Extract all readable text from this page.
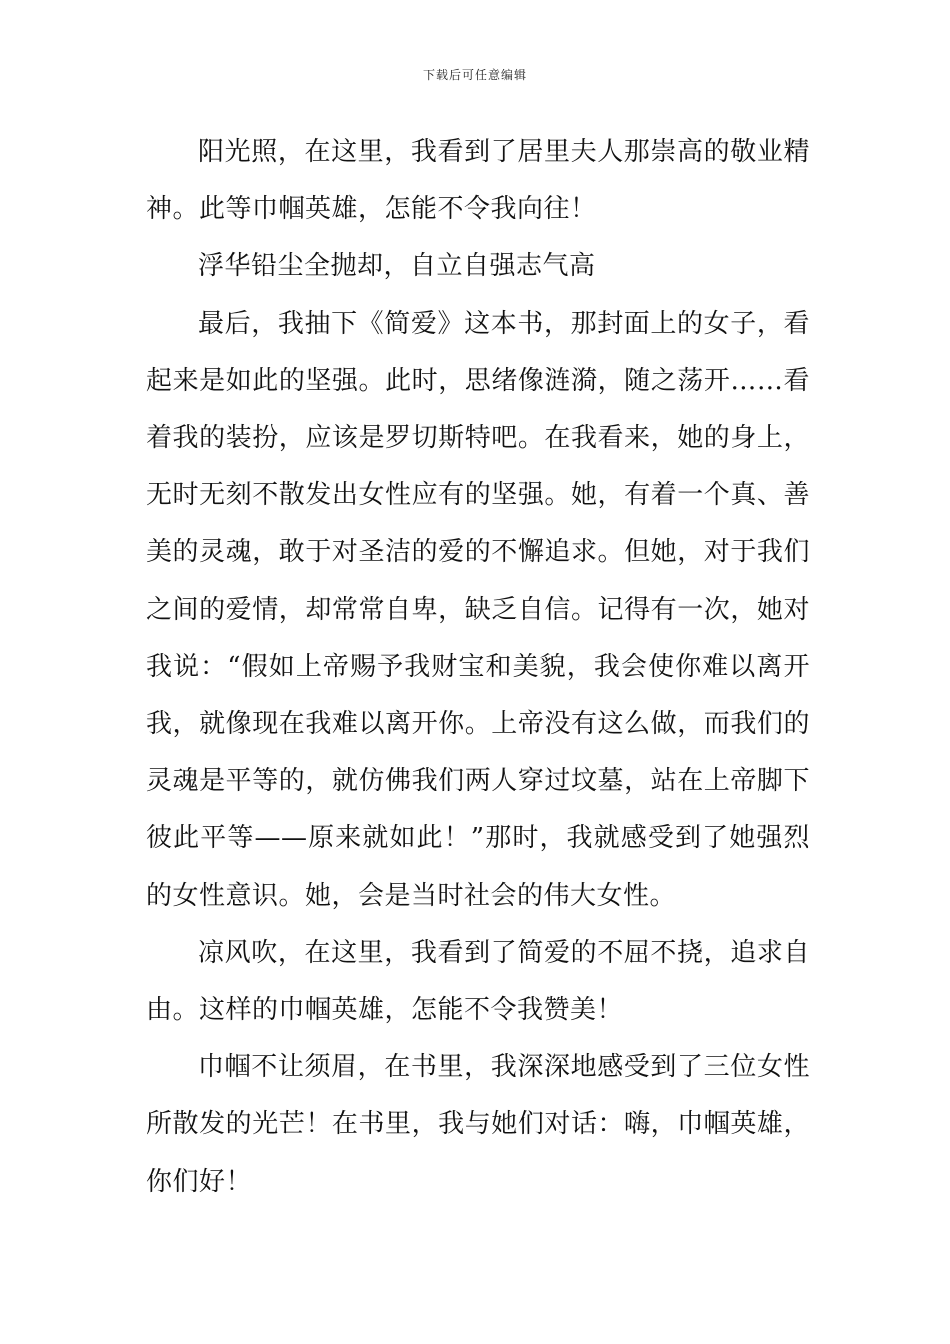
下载后可任意编辑

阳光照，在这里，我看到了居里夫人那崇高的敬业精神。此等巾帼英雄，怎能不令我向往！

浮华铅尘全抛却，自立自强志气高

最后，我抽下《简爱》这本书，那封面上的女子，看起来是如此的坚强。此时，思绪像涟漪，随之荡开……看着我的装扮，应该是罗切斯特吧。在我看来，她的身上，无时无刻不散发出女性应有的坚强。她，有着一个真、善美的灵魂，敢于对圣洁的爱的不懈追求。但她，对于我们之间的爱情，却常常自卑，缺乏自信。记得有一次，她对我说：“假如上帝赐予我财宝和美貌，我会使你难以离开我，就像现在我难以离开你。上帝没有这么做，而我们的灵魂是平等的，就仿佛我们两人穿过坟墓，站在上帝脚下彼此平等——原来就如此！”那时，我就感受到了她强烈的女性意识。她，会是当时社会的伟大女性。

凉风吹，在这里，我看到了简爱的不屈不挠，追求自由。这样的巾帼英雄，怎能不令我赞美！

巾帼不让须眉，在书里，我深深地感受到了三位女性所散发的光芒！在书里，我与她们对话：嗨，巾帼英雄，你们好！
